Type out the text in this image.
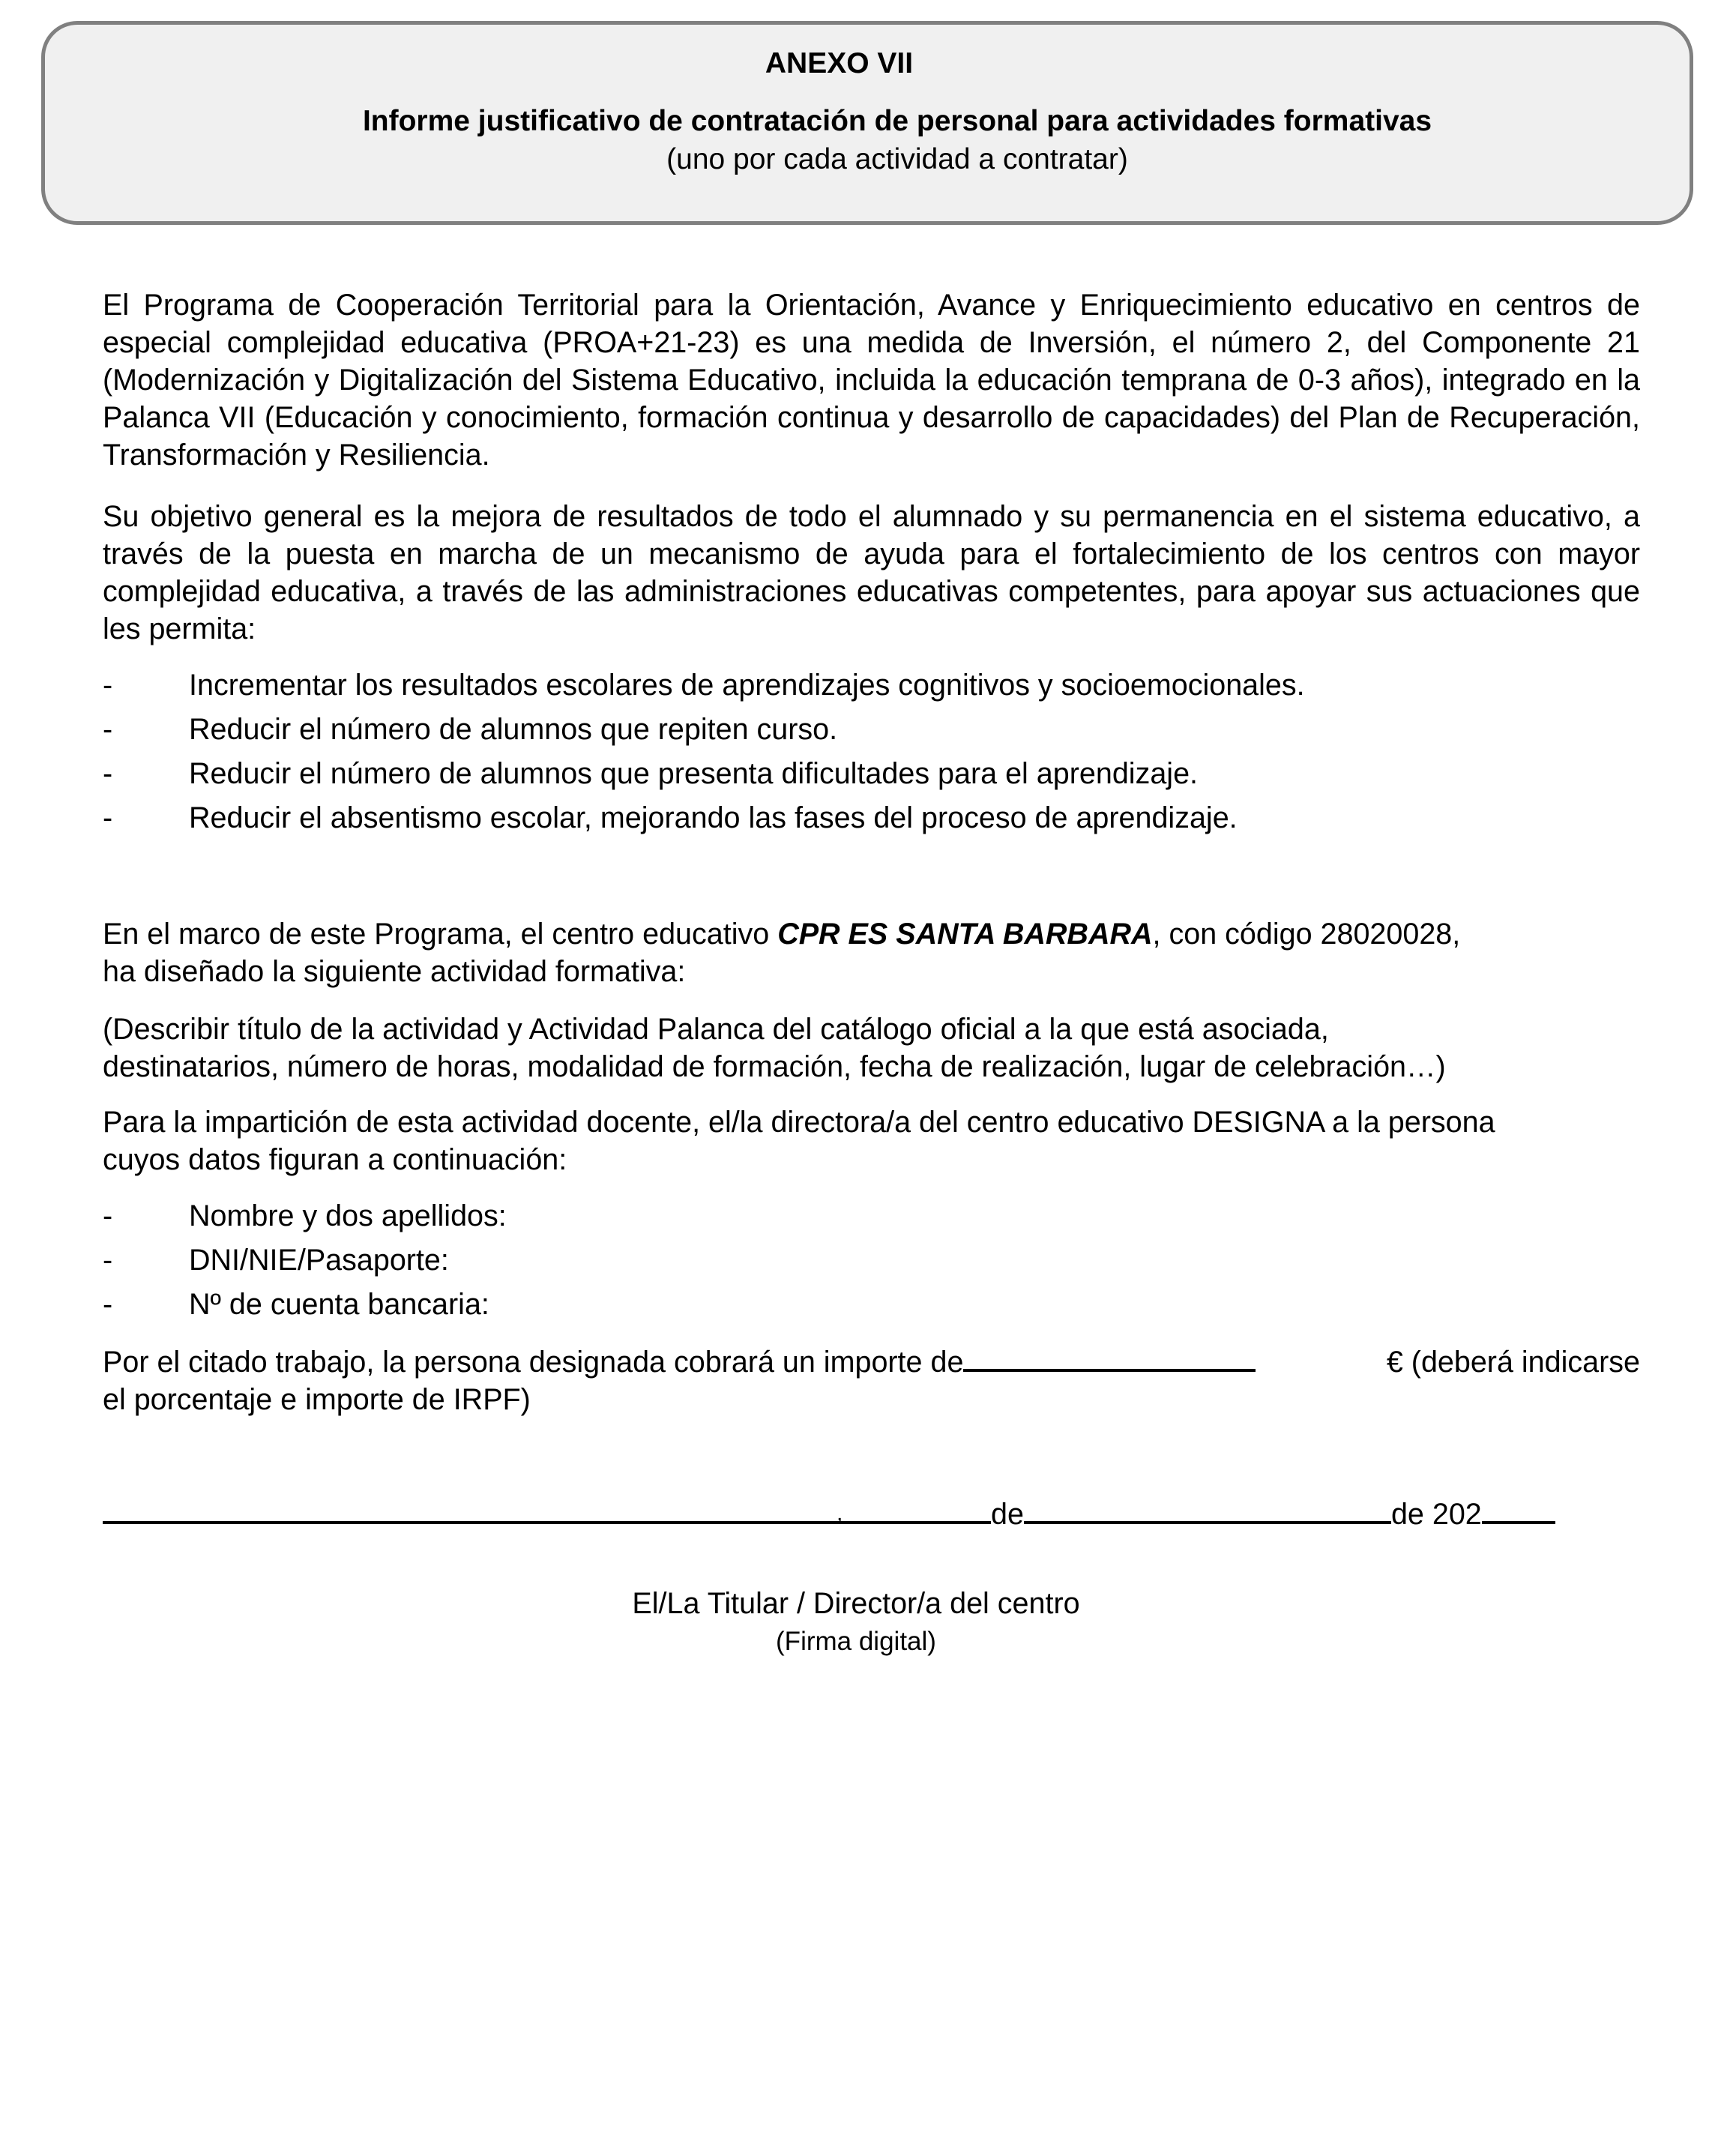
ANEXO VII
Informe justificativo de contratación de personal para actividades formativas
(uno por cada actividad a contratar)
El Programa de Cooperación Territorial para la Orientación, Avance y Enriquecimiento educativo en centros de especial complejidad educativa (PROA+21-23) es una medida de Inversión, el número 2, del Componente 21 (Modernización y Digitalización del Sistema Educativo, incluida la educación temprana de 0-3 años), integrado en la Palanca VII (Educación y conocimiento, formación continua y desarrollo de capacidades) del Plan de Recuperación, Transformación y Resiliencia.
Su objetivo general es la mejora de resultados de todo el alumnado y su permanencia en el sistema educativo, a través de la puesta en marcha de un mecanismo de ayuda para el fortalecimiento de los centros con mayor complejidad educativa, a través de las administraciones educativas competentes, para apoyar sus actuaciones que les permita:
-	Incrementar los resultados escolares de aprendizajes cognitivos y socioemocionales.
-	Reducir el número de alumnos que repiten curso.
-	Reducir el número de alumnos que presenta dificultades para el aprendizaje.
-	Reducir el absentismo escolar, mejorando las fases del proceso de aprendizaje.
En el marco de este Programa, el centro educativo CPR ES SANTA BARBARA, con código 28020028,
ha diseñado la siguiente actividad formativa:
(Describir título de la actividad y Actividad Palanca del catálogo oficial a la que está asociada,
destinatarios, número de horas, modalidad de formación, fecha de realización, lugar de celebración…)
Para la impartición de esta actividad docente, el/la directora/a del centro educativo DESIGNA a la persona
cuyos datos figuran a continuación:
-	Nombre y dos apellidos:
-	DNI/NIE/Pasaporte:
-	Nº de cuenta bancaria:
Por el citado trabajo, la persona designada cobrará un importe de	€ (deberá indicarse
el porcentaje e importe de IRPF)
de	de 202
,
El/La Titular / Director/a del centro
(Firma digital)
